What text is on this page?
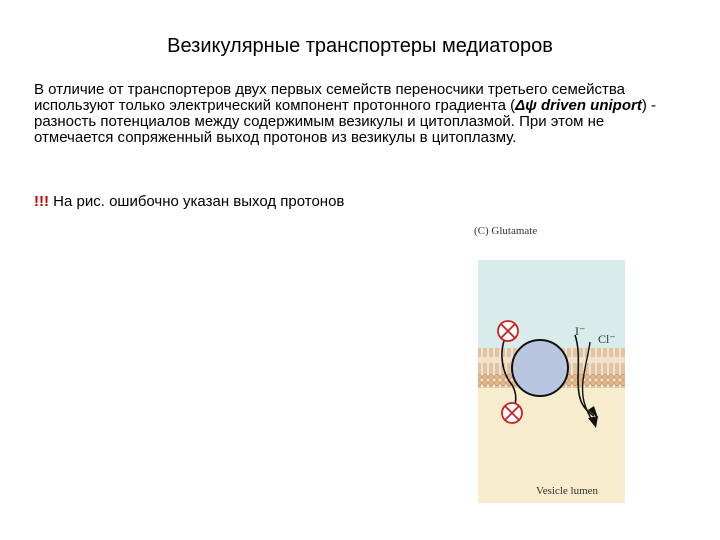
Везикулярные транспортеры медиаторов
В отличие от транспортеров двух первых семейств переносчики третьего семейства используют только электрический компонент протонного градиента (Δψ driven uniport) - разность потенциалов между содержимым везикулы и цитоплазмой. При этом не отмечается сопряженный выход протонов из везикулы в цитоплазму.
!!! На рис. ошибочно указан выход протонов
(C) Glutamate
I⁻
Cl⁻
Vesicle lumen
